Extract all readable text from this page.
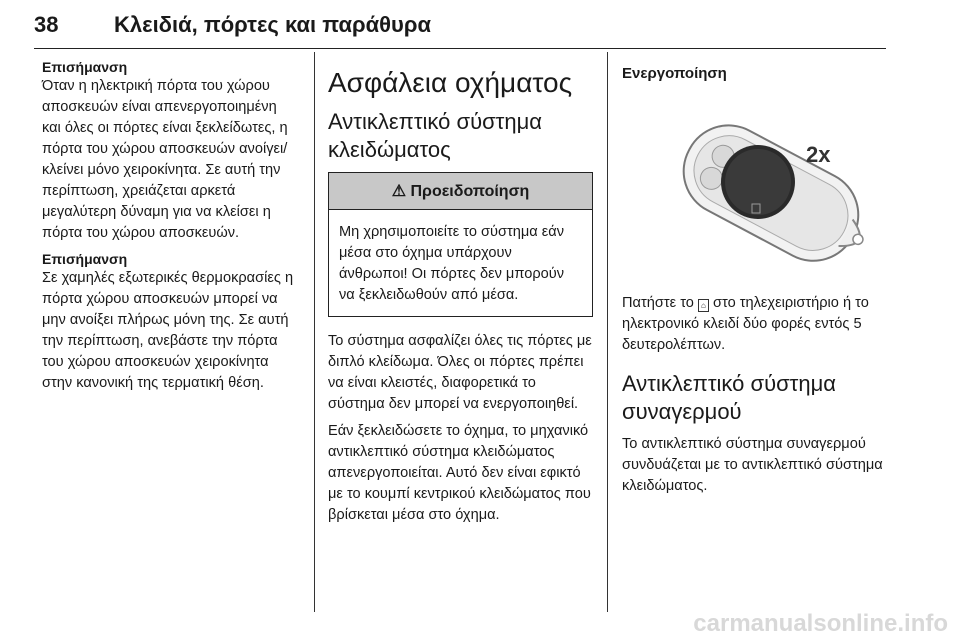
38	Κλειδιά, πόρτες και παράθυρα
Επισήμανση

Όταν η ηλεκτρική πόρτα του χώρου αποσκευών είναι απενεργοποιημένη και όλες οι πόρτες είναι ξεκλείδωτες, η πόρτα του χώρου αποσκευών ανοίγει/κλείνει μόνο χειροκίνητα. Σε αυτή την περίπτωση, χρειάζεται αρκετά μεγαλύτερη δύναμη για να κλείσει η πόρτα του χώρου αποσκευών.

Επισήμανση

Σε χαμηλές εξωτερικές θερμοκρασίες η πόρτα χώρου αποσκευών μπορεί να μην ανοίξει πλήρως μόνη της. Σε αυτή την περίπτωση, ανεβάστε την πόρτα του χώρου αποσκευών χειροκίνητα στην κανονική της τερματική θέση.

Ασφάλεια οχήματος
Αντικλεπτικό σύστημα κλειδώματος
⚠ Προειδοποίηση
Μη χρησιμοποιείτε το σύστημα εάν μέσα στο όχημα υπάρχουν άνθρωποι! Οι πόρτες δεν μπορούν να ξεκλειδωθούν από μέσα.

Το σύστημα ασφαλίζει όλες τις πόρτες με διπλό κλείδωμα. Όλες οι πόρτες πρέπει να είναι κλειστές, διαφορετικά το σύστημα δεν μπορεί να ενεργοποιηθεί.

Εάν ξεκλειδώσετε το όχημα, το μηχανικό αντικλεπτικό σύστημα κλειδώματος απενεργοποιείται. Αυτό δεν είναι εφικτό με το κουμπί κεντρικού κλειδώματος που βρίσκεται μέσα στο όχημα.

Ενεργοποίηση
2x

Πατήστε το ⌂ στο τηλεχειριστήριο ή το ηλεκτρονικό κλειδί δύο φορές εντός 5 δευτερολέπτων.

Αντικλεπτικό σύστημα συναγερμού

Το αντικλεπτικό σύστημα συναγερμού συνδυάζεται με το αντικλεπτικό σύστημα κλειδώματος.

carmanualsonline.info
